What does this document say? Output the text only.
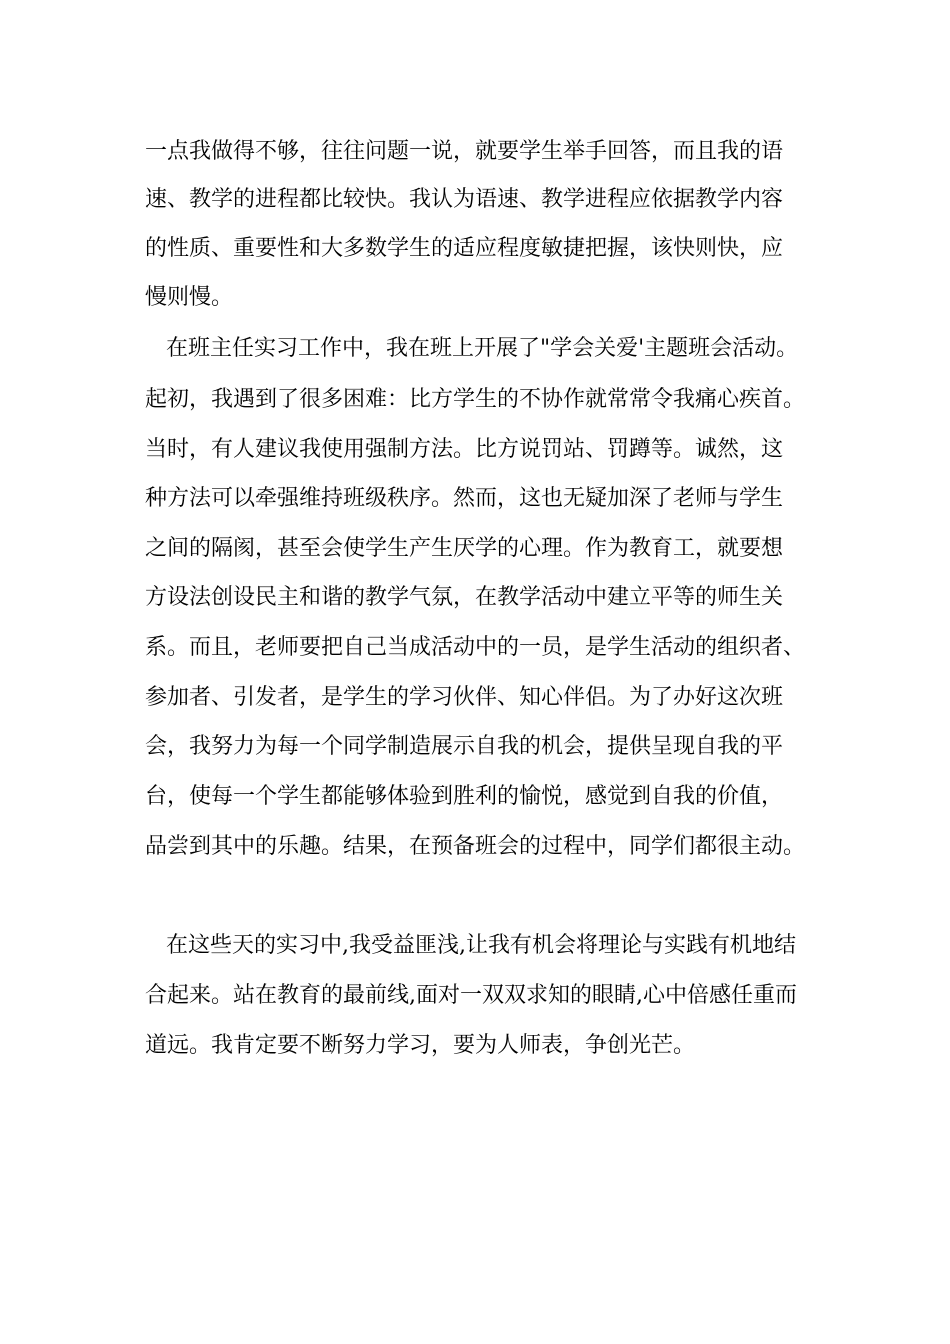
一点我做得不够，往往问题一说，就要学生举手回答，而且我的语
速、教学的进程都比较快。我认为语速、教学进程应依据教学内容
的性质、重要性和大多数学生的适应程度敏捷把握，该快则快，应
慢则慢。
在班主任实习工作中，我在班上开展了"学会关爱'主题班会活动。
起初，我遇到了很多困难：比方学生的不协作就常常令我痛心疾首。
当时，有人建议我使用强制方法。比方说罚站、罚蹲等。诚然，这
种方法可以牵强维持班级秩序。然而，这也无疑加深了老师与学生
之间的隔阂，甚至会使学生产生厌学的心理。作为教育工，就要想
方设法创设民主和谐的教学气氛，在教学活动中建立平等的师生关
系。而且，老师要把自己当成活动中的一员，是学生活动的组织者、
参加者、引发者，是学生的学习伙伴、知心伴侣。为了办好这次班
会，我努力为每一个同学制造展示自我的机会，提供呈现自我的平
台，使每一个学生都能够体验到胜利的愉悦，感觉到自我的价值，
品尝到其中的乐趣。结果，在预备班会的过程中，同学们都很主动。
在这些天的实习中,我受益匪浅,让我有机会将理论与实践有机地结
合起来。站在教育的最前线,面对一双双求知的眼睛,心中倍感任重而
道远。我肯定要不断努力学习，要为人师表，争创光芒。
